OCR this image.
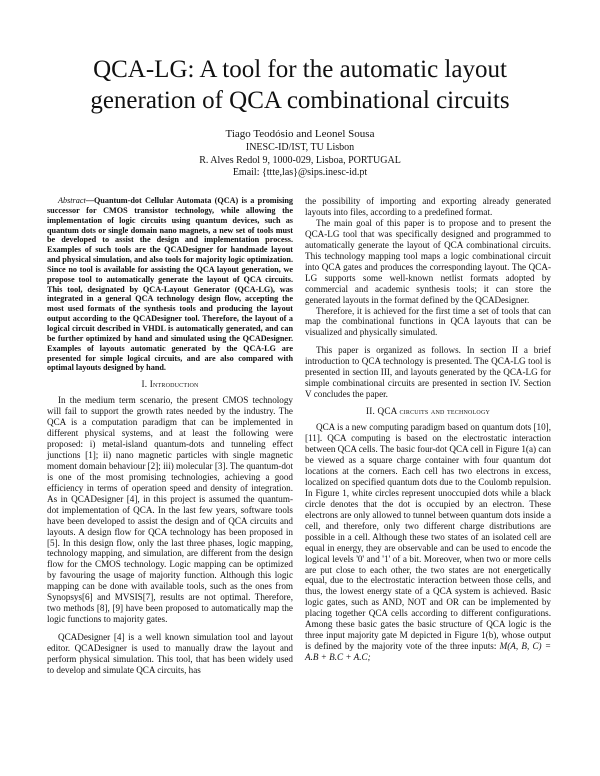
QCA-LG: A tool for the automatic layout
generation of QCA combinational circuits
Tiago Teodósio and Leonel Sousa
INESC-ID/IST, TU Lisbon
R. Alves Redol 9, 1000-029, Lisboa, PORTUGAL
Email: {ttte,las}@sips.inesc-id.pt

Abstract—Quantum-dot Cellular Automata (QCA) is a promising successor for CMOS transistor technology, while allowing the implementation of logic circuits using quantum devices, such as quantum dots or single domain nano magnets, a new set of tools must be developed to assist the design and implementation process. Examples of such tools are the QCADesigner for handmade layout and physical simulation, and also tools for majority logic optimization. Since no tool is available for assisting the QCA layout generation, we propose tool to automatically generate the layout of QCA circuits. This tool, designated by QCA-Layout Generator (QCA-LG), was integrated in a general QCA technology design flow, accepting the most used formats of the synthesis tools and producing the layout output according to the QCADesigner tool. Therefore, the layout of a logical circuit described in VHDL is automatically generated, and can be further optimized by hand and simulated using the QCADesigner. Examples of layouts automatic generated by the QCA-LG are presented for simple logical circuits, and are also compared with optimal layouts designed by hand.

I. Introduction

In the medium term scenario, the present CMOS technology will fail to support the growth rates needed by the industry. The QCA is a computation paradigm that can be implemented in different physical systems, and at least the following were proposed: i) metal-island quantum-dots and tunneling effect junctions [1]; ii) nano magnetic particles with single magnetic moment domain behaviour [2]; iii) molecular [3]. The quantum-dot is one of the most promising technologies, achieving a good efficiency in terms of operation speed and density of integration. As in QCADesigner [4], in this project is assumed the quantum-dot implementation of QCA. In the last few years, software tools have been developed to assist the design and of QCA circuits and layouts. A design flow for QCA technology has been proposed in [5]. In this design flow, only the last three phases, logic mapping, technology mapping, and simulation, are different from the design flow for the CMOS technology. Logic mapping can be optimized by favouring the usage of majority function. Although this logic mapping can be done with available tools, such as the ones from Synopsys[6] and MVSIS[7], results are not optimal. Therefore, two methods [8], [9] have been proposed to automatically map the logic functions to majority gates.

QCADesigner [4] is a well known simulation tool and layout editor. QCADesigner is used to manually draw the layout and perform physical simulation. This tool, that has been widely used to develop and simulate QCA circuits, has

the possibility of importing and exporting already generated layouts into files, according to a predefined format.

The main goal of this paper is to propose and to present the QCA-LG tool that was specifically designed and programmed to automatically generate the layout of QCA combinational circuits. This technology mapping tool maps a logic combinational circuit into QCA gates and produces the corresponding layout. The QCA-LG supports some well-known netlist formats adopted by commercial and academic synthesis tools; it can store the generated layouts in the format defined by the QCADesigner.

Therefore, it is achieved for the first time a set of tools that can map the combinational functions in QCA layouts that can be visualized and physically simulated.

This paper is organized as follows. In section II a brief introduction to QCA technology is presented. The QCA-LG tool is presented in section III, and layouts generated by the QCA-LG for simple combinational circuits are presented in section IV. Section V concludes the paper.

II. QCA circuits and technology

QCA is a new computing paradigm based on quantum dots [10], [11]. QCA computing is based on the electrostatic interaction between QCA cells. The basic four-dot QCA cell in Figure 1(a) can be viewed as a square charge container with four quantum dot locations at the corners. Each cell has two electrons in excess, localized on specified quantum dots due to the Coulomb repulsion. In Figure 1, white circles represent unoccupied dots while a black circle denotes that the dot is occupied by an electron. These electrons are only allowed to tunnel between quantum dots inside a cell, and therefore, only two different charge distributions are possible in a cell. Although these two states of an isolated cell are equal in energy, they are observable and can be used to encode the logical levels '0' and '1' of a bit. Moreover, when two or more cells are put close to each other, the two states are not energetically equal, due to the electrostatic interaction between those cells, and thus, the lowest energy state of a QCA system is achieved. Basic logic gates, such as AND, NOT and OR can be implemented by placing together QCA cells according to different configurations. Among these basic gates the basic structure of QCA logic is the three input majority gate M depicted in Figure 1(b), whose output is defined by the majority vote of the three inputs: M(A, B, C) = A.B + B.C + A.C;
